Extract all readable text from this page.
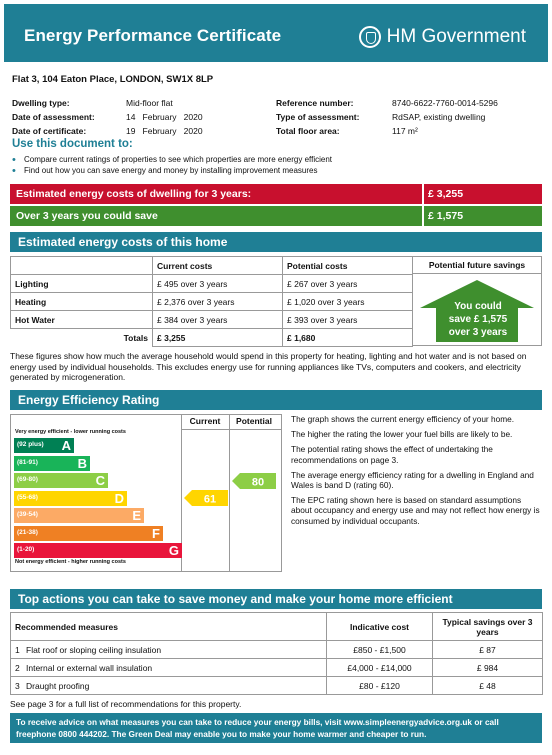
Energy Performance Certificate	HM Government
Flat 3, 104 Eaton Place, LONDON, SW1X 8LP
Dwelling type:	Mid-floor flat
Date of assessment:	14   February   2020
Date of certificate:	19   February   2020
Reference number:	8740-6622-7760-0014-5296
Type of assessment:	RdSAP, existing dwelling
Total floor area:	117 m²
Use this document to:
• Compare current ratings of properties to see which properties are more energy efficient
• Find out how you can save energy and money by installing improvement measures
Estimated energy costs of dwelling for 3 years:	£ 3,255
Over 3 years you could save	£ 1,575
Estimated energy costs of this home
	Current costs	Potential costs
Lighting	£ 495 over 3 years	£ 267 over 3 years
Heating	£ 2,376 over 3 years	£ 1,020 over 3 years
Hot Water	£ 384 over 3 years	£ 393 over 3 years
Totals	£ 3,255	£ 1,680
Potential future savings
You could
save £ 1,575
over 3 years
These figures show how much the average household would spend in this property for heating, lighting and hot water and is not based on energy used by individual households. This excludes energy use for running appliances like TVs, computers and cookers, and electricity generated by microgeneration.
Energy Efficiency Rating
Current	Potential
Very energy efficient - lower running costs
(92 plus) A
(81-91)	B
(69-80)	C
(55-68)	D
(39-54)	E
(21-38)	F
(1-20)	G
Not energy efficient - higher running costs
61
80

The graph shows the current energy efficiency of your home.

The higher the rating the lower your fuel bills are likely to be.

The potential rating shows the effect of undertaking the recommendations on page 3.

The average energy efficiency rating for a dwelling in England and Wales is band D (rating 60).

The EPC rating shown here is based on standard assumptions about occupancy and energy use and may not reflect how energy is consumed by individual occupants.

Top actions you can take to save money and make your home more efficient
Recommended measures	Indicative cost	Typical savings over 3 years
1 Flat roof or sloping ceiling insulation	£850 - £1,500	£ 87
2 Internal or external wall insulation	£4,000 - £14,000	£ 984
3 Draught proofing	£80 - £120	£ 48
See page 3 for a full list of recommendations for this property.
To receive advice on what measures you can take to reduce your energy bills, visit www.simpleenergyadvice.org.uk or call freephone 0800 444202. The Green Deal may enable you to make your home warmer and cheaper to run.
